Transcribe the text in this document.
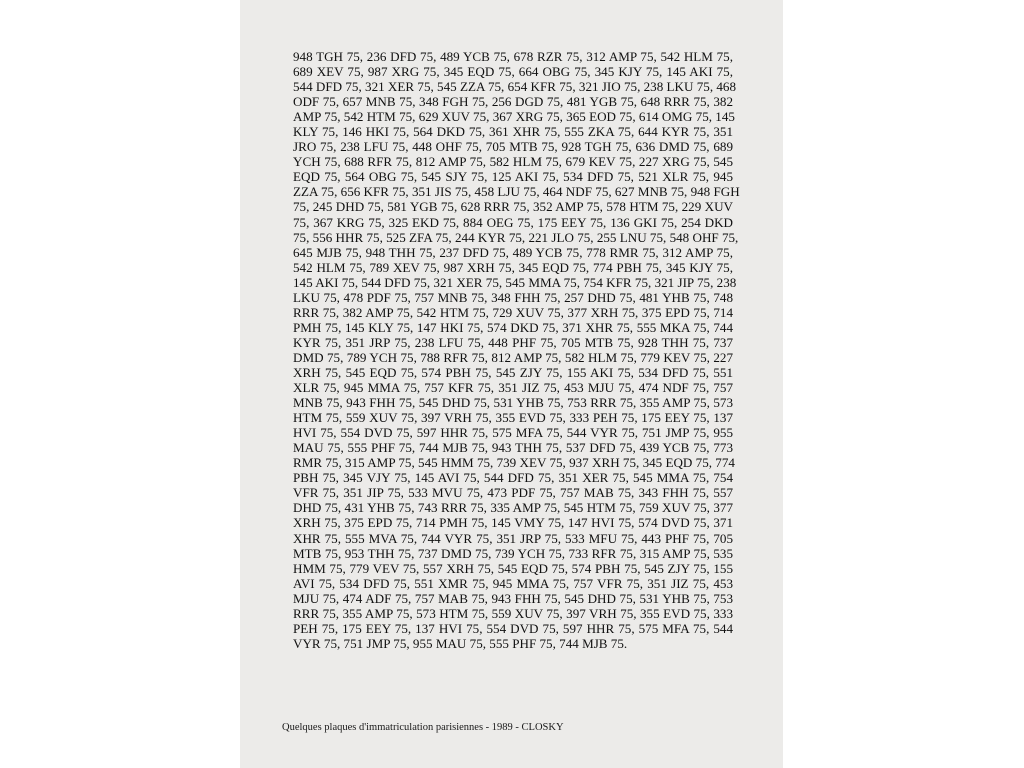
948 TGH 75, 236 DFD 75, 489 YCB 75, 678 RZR 75, 312 AMP 75, 542 HLM 75,
689 XEV 75, 987 XRG 75, 345 EQD 75, 664 OBG 75, 345 KJY 75, 145 AKI 75,
544 DFD 75, 321 XER 75, 545 ZZA 75, 654 KFR 75, 321 JIO 75, 238 LKU 75, 468
ODF 75, 657 MNB 75, 348 FGH 75, 256 DGD 75, 481 YGB 75, 648 RRR 75, 382
AMP 75, 542 HTM 75, 629 XUV 75, 367 XRG 75, 365 EOD 75, 614 OMG 75, 145
KLY 75, 146 HKI 75, 564 DKD 75, 361 XHR 75, 555 ZKA 75, 644 KYR 75, 351
JRO 75, 238 LFU 75, 448 OHF 75, 705 MTB 75, 928 TGH 75, 636 DMD 75, 689
YCH 75, 688 RFR 75, 812 AMP 75, 582 HLM 75, 679 KEV 75, 227 XRG 75, 545
EQD 75, 564 OBG 75, 545 SJY 75, 125 AKI 75, 534 DFD 75, 521 XLR 75, 945
ZZA 75, 656 KFR 75, 351 JIS 75, 458 LJU 75, 464 NDF 75, 627 MNB 75, 948 FGH
75, 245 DHD 75, 581 YGB 75, 628 RRR 75, 352 AMP 75, 578 HTM 75, 229 XUV
75, 367 KRG 75, 325 EKD 75, 884 OEG 75, 175 EEY 75, 136 GKI 75, 254 DKD
75, 556 HHR 75, 525 ZFA 75, 244 KYR 75, 221 JLO 75, 255 LNU 75, 548 OHF 75,
645 MJB 75, 948 THH 75, 237 DFD 75, 489 YCB 75, 778 RMR 75, 312 AMP 75,
542 HLM 75, 789 XEV 75, 987 XRH 75, 345 EQD 75, 774 PBH 75, 345 KJY 75,
145 AKI 75, 544 DFD 75, 321 XER 75, 545 MMA 75, 754 KFR 75, 321 JIP 75, 238
LKU 75, 478 PDF 75, 757 MNB 75, 348 FHH 75, 257 DHD 75, 481 YHB 75, 748
RRR 75, 382 AMP 75, 542 HTM 75, 729 XUV 75, 377 XRH 75, 375 EPD 75, 714
PMH 75, 145 KLY 75, 147 HKI 75, 574 DKD 75, 371 XHR 75, 555 MKA 75, 744
KYR 75, 351 JRP 75, 238 LFU 75, 448 PHF 75, 705 MTB 75, 928 THH 75, 737
DMD 75, 789 YCH 75, 788 RFR 75, 812 AMP 75, 582 HLM 75, 779 KEV 75, 227
XRH 75, 545 EQD 75, 574 PBH 75, 545 ZJY 75, 155 AKI 75, 534 DFD 75, 551
XLR 75, 945 MMA 75, 757 KFR 75, 351 JIZ 75, 453 MJU 75, 474 NDF 75, 757
MNB 75, 943 FHH 75, 545 DHD 75, 531 YHB 75, 753 RRR 75, 355 AMP 75, 573
HTM 75, 559 XUV 75, 397 VRH 75, 355 EVD 75, 333 PEH 75, 175 EEY 75, 137
HVI 75, 554 DVD 75, 597 HHR 75, 575 MFA 75, 544 VYR 75, 751 JMP 75, 955
MAU 75, 555 PHF 75, 744 MJB 75, 943 THH 75, 537 DFD 75, 439 YCB 75, 773
RMR 75, 315 AMP 75, 545 HMM 75, 739 XEV 75, 937 XRH 75, 345 EQD 75, 774
PBH 75, 345 VJY 75, 145 AVI 75, 544 DFD 75, 351 XER 75, 545 MMA 75, 754
VFR 75, 351 JIP 75, 533 MVU 75, 473 PDF 75, 757 MAB 75, 343 FHH 75, 557
DHD 75, 431 YHB 75, 743 RRR 75, 335 AMP 75, 545 HTM 75, 759 XUV 75, 377
XRH 75, 375 EPD 75, 714 PMH 75, 145 VMY 75, 147 HVI 75, 574 DVD 75, 371
XHR 75, 555 MVA 75, 744 VYR 75, 351 JRP 75, 533 MFU 75, 443 PHF 75, 705
MTB 75, 953 THH 75, 737 DMD 75, 739 YCH 75, 733 RFR 75, 315 AMP 75, 535
HMM 75, 779 VEV 75, 557 XRH 75, 545 EQD 75, 574 PBH 75, 545 ZJY 75, 155
AVI 75, 534 DFD 75, 551 XMR 75, 945 MMA 75, 757 VFR 75, 351 JIZ 75, 453
MJU 75, 474 ADF 75, 757 MAB 75, 943 FHH 75, 545 DHD 75, 531 YHB 75, 753
RRR 75, 355 AMP 75, 573 HTM 75, 559 XUV 75, 397 VRH 75, 355 EVD 75, 333
PEH 75, 175 EEY 75, 137 HVI 75, 554 DVD 75, 597 HHR 75, 575 MFA 75, 544
VYR 75, 751 JMP 75, 955 MAU 75, 555 PHF 75, 744 MJB 75.
Quelques plaques d'immatriculation parisiennes - 1989 - CLOSKY
